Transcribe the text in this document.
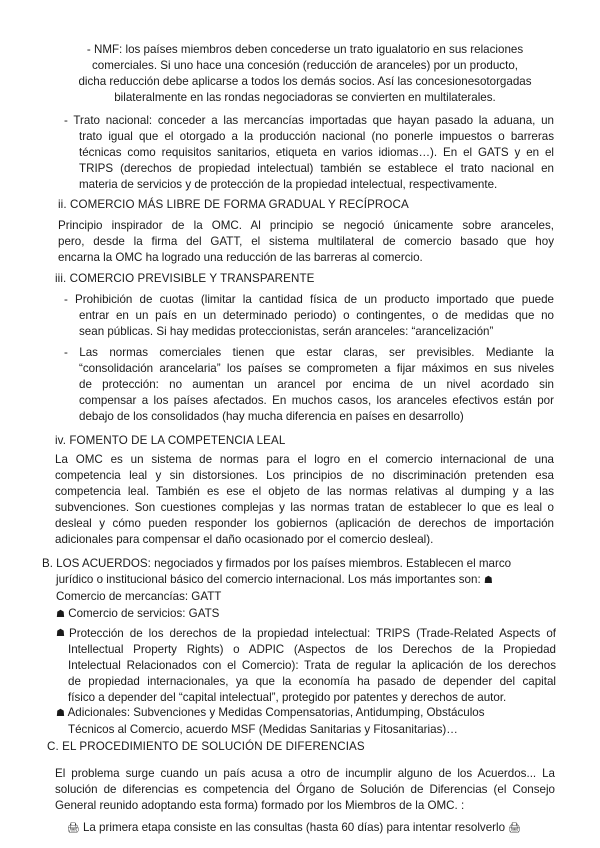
- NMF: los países miembros deben concederse un trato igualatorio en sus relaciones
comerciales. Si uno hace una concesión (reducción de aranceles) por un producto,
dicha reducción debe aplicarse a todos los demás socios. Así las concesionesotorgadas
bilateralmente en las rondas negociadoras se convierten en multilaterales.
- Trato nacional: conceder a las mercancías importadas que hayan pasado la aduana, un
trato igual que el otorgado a la producción nacional (no ponerle impuestos o barreras
técnicas como requisitos sanitarios, etiqueta en varios idiomas…). En el GATS y en el
TRIPS (derechos de propiedad intelectual) también se establece el trato nacional en
materia de servicios y de protección de la propiedad intelectual, respectivamente.
ii. COMERCIO MÁS LIBRE DE FORMA GRADUAL Y RECÍPROCA
Principio inspirador de la OMC. Al principio se negoció únicamente sobre aranceles,
pero, desde la firma del GATT, el sistema multilateral de comercio basado que hoy
encarna la OMC ha logrado una reducción de las barreras al comercio.
iii. COMERCIO PREVISIBLE Y TRANSPARENTE
- Prohibición de cuotas (limitar la cantidad física de un producto importado que puede
entrar en un país en un determinado periodo) o contingentes, o de medidas que no
sean públicas. Si hay medidas proteccionistas, serán aranceles: “arancelización”
- Las normas comerciales tienen que estar claras, ser previsibles. Mediante la
“consolidación arancelaria” los países se comprometen a fijar máximos en sus niveles
de protección: no aumentan un arancel por encima de un nivel acordado sin
compensar a los países afectados. En muchos casos, los aranceles efectivos están por
debajo de los consolidados (hay mucha diferencia en países en desarrollo)
iv. FOMENTO DE LA COMPETENCIA LEAL
La OMC es un sistema de normas para el logro en el comercio internacional de una
competencia leal y sin distorsiones. Los principios de no discriminación pretenden esa
competencia leal. También es ese el objeto de las normas relativas al dumping y a las
subvenciones. Son cuestiones complejas y las normas tratan de establecer lo que es leal o
desleal y cómo pueden responder los gobiernos (aplicación de derechos de importación
adicionales para compensar el daño ocasionado por el comercio desleal).
B. LOS ACUERDOS: negociados y firmados por los países miembros. Establecen el marco
jurídico o institucional básico del comercio internacional. Los más importantes son: ☗
Comercio de mercancías: GATT
☗ Comercio de servicios: GATS
☗ Protección de los derechos de la propiedad intelectual: TRIPS (Trade-Related Aspects of
Intellectual Property Rights) o ADPIC (Aspectos de los Derechos de la Propiedad
Intelectual Relacionados con el Comercio): Trata de regular la aplicación de los derechos
de propiedad internacionales, ya que la economía ha pasado de depender del capital
físico a depender del “capital intelectual”, protegido por patentes y derechos de autor.
☗ Adicionales: Subvenciones y Medidas Compensatorias, Antidumping, Obstáculos
Técnicos al Comercio, acuerdo MSF (Medidas Sanitarias y Fitosanitarias)…
C. EL PROCEDIMIENTO DE SOLUCIÓN DE DIFERENCIAS
El problema surge cuando un país acusa a otro de incumplir alguno de los Acuerdos... La
solución de diferencias es competencia del Órgano de Solución de Diferencias (el Consejo
General reunido adoptando esta forma) formado por los Miembros de la OMC. :
🖨 La primera etapa consiste en las consultas (hasta 60 días) para intentar resolverlo 🖨
